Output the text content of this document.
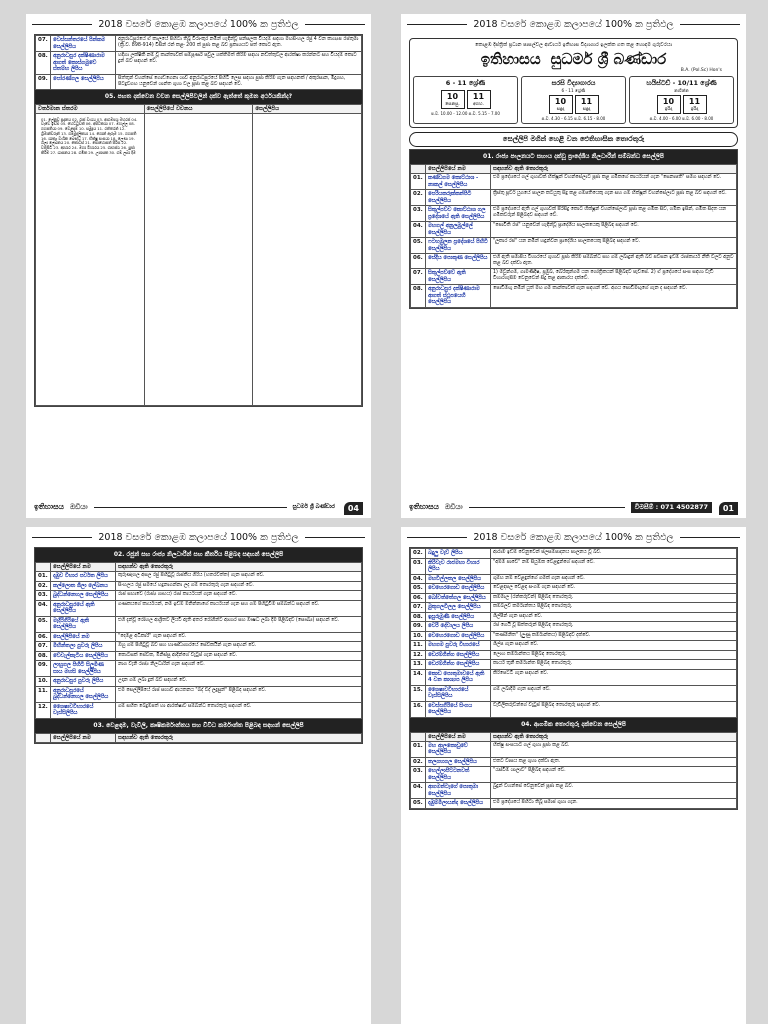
2018 වසරේ කොළඹ කලාපයේ 100% ක ප්‍රතිඵල
07.	වෙස්සන්තරයේ පින්කම සෙල්ලිපිය	අනුරාධපුරයේ ඒ කාලයේ පිහිටා තිබූ විරාංකුර නමින් හැඳින්වූ පන්සලක වියදම් සඳහා මහසිංහල රජු 4 වන කාශ්‍යප රජතුමා (ක්‍රි.ව. 898-914) විසින් රන් කළං 200 ක් පුජා කළ බව ප්‍රකාශයට පත් කොට ඇත.
08.	අනුරාධපුර දක්ෂිණාරාම ආගත් කොස්ගමුවේ ස්තම්භ ලිපිය	හදිගා ලක්ෂිකී නම් වූ කාන්තාවක් සම්පූර්ණ පවුල ශක්තිමත් කිරීම සඳහා නඩත්තුවල ආරක්ෂා කරන්නට සහ වියදම් කොට දුන් බව සඳහන් වේ.
09.	පෝරණ්ගල සෙල්ලිපිය	සිත්තුන් වහන්සේ ගොඩගෙනා ශාව අනුරාධපුරයේ පිහිටි ලෙස සඳහා පුජා කිරීම ගැන සඳහනක් / අකුරසාන, මිදුගහ, පිටදුවගහ යනුවෙන් ශාන්ත ගුහා වල පූජා කළ බව සඳහන් වේ.
05. පහත දක්වෙන වචන සෙල්ලිපිවලින් දක්ව ඇත්තේ කුමන අර්ථයකින්ද?
වර්තමාන ස්තරම	සෙල්ලිපියේ වචනය	සෙල්ලිපිය

01. ලේනුව ප්‍රදානය 02. රාජ වංශය 03. ආගමපය මහරජ 04. වැවේ ඉඩම් 05. හෙට්ටුවක් 06. අපිටකයා 07. මහල්ල 08. ගහපතියා 09. වෙළඳාම් 10. සමුද්‍රය 11. රත්තරන් 12. ශ්‍රීමාන්වරුන් 13. ගම්මුදලිකයා 14. ගොන් ඇරුම 15. ගහපති 16. ශාක්‍ය වංශික බෞද්ධ 17. භික්ෂු සංඝයා 18. ලෙණ 19. ශිලා ලේඛනය 20. කොටස් 21. පොහොසත් පිරිස 22. වතුපිටි 23. ආහාර 24. මහා විහාරය 25. ගෘහස්ථ 26. පුජා කිරීම 27. ශාසනය 28. ගමික 29. උපාසක 30. ගම් ලබා දීම		

ඉතිහාසය ඔඩියා	සුධර්ම ශ්‍රී බණ්ඩාර	04
2018 වසරේ කොළඹ කලාපයේ 100% ක ප්‍රතිඵල
කොළඹ දිස්ත්‍රික් ප්‍රධාන පාසල්වල ආචාර්ය ඉතිහාස විද්‍යාගාර ඉලක්ක ගත කළ හොඳම ගුරුවරයා
ඉතිහාසය සුධර්ම ශ්‍රී බණ්ඩාර
B.A. (Pol.Sc) Hon's
6 - 11 ශ්‍රේණි
10
සෙනසු.
11
අගහ.
ප.ව. 10.00 - 12.00 ප.ව. 5.15 - 7.00
සරසි විද්‍යාගාරය
6 - 11 ශ්‍රේණි
10
සඳුදා
11
සඳුදා
ප.ව. 4.30 - 6.15 ප.ව. 6.15 - 8.00
හයිස්ටඩ් - 10/11 ශ්‍රේණි
නාවින්න
10
ඉරිදා
11
ඉරිදා
ප.ව. 4.00 - 6.00 ප.ව. 6.00 - 8.00
සෙල්ලිපි මගින් හෙළි වන ඓතිහාසික තොරතුරු
01. රාජ්‍ය පාලනයට සහාය දක්වූ ප්‍රාදේශීය නිලධාරීන් සම්බන්ධ සෙල්ලිපි
	සෙල්ලිපියේ නම	සඳහන්ව ඇති තොරතුරු
01.	කණ්ඩගම කොට්ඨාශ - නාකල් සෙල්ලිපිය	එම ප්‍රදේශයේ ගල් ගුහාවක් භික්ෂූන් වහන්සේලාට පූජා කළ ගමිකගේ කාර්යයන් ගැන "සෙනාපති" සමග සඳහන් වේ.
02.	පෙරියකරුක්කන්පිටි සෙල්ලිපිය	ක්‍රිස්තු පූර්ව යුගයේ පාලන කටයුතු සිදු කළ ගම්පතියෙකු ගැන සහ ගම් භික්ෂූන් වහන්සේලාට පූජා කළ බව සඳහන් වේ.
03.	සිතුල්පව්ව කොට්ඨාශ ගල ප්‍රදේශයේ ඇති සෙල්ලිපිය	එම ප්‍රදේශයේ ඇති ගල් ගුහාවක් පිරිසිදු කොට භික්ෂූන් වහන්සේලාට පූජා කළ ගමික සිව, ගමික ඉසින්, ගමික සිදත යන ගමිකවරුන් පිළිබඳව සඳහන් වේ.
04.	මහගල් අනුලමුල්ලේ සෙල්ලිපිය	"පොවිති රජ" යනුවෙන් හැඳින්වූ ප්‍රාදේශීය පාලකයෙකු පිළිබඳ සඳහන් වේ.
05.	ෆටහමුලන ප්‍රදේශයේ පිහිටි සෙල්ලිපිය	"ලූකාර රජ" යන නමින් හඳුන්වන ප්‍රාදේශීය පාලකයෙකු පිළිබඳ සඳහන් වේ.
06.	සේදිය පොකුණ සෙල්ලිපිය	එහි ඇති සමාපිය විහාරයේ ගුහාව පූජා කිරීම සම්බන්ධ සහ ගම් ලබාදුන් ඇති බව පවසන ඉඩම් රාජකාර්ය නීති වලට අනුව කළ බව දක්වා ඇත.
07.	සිතුල්පව්වේ ඇති සෙල්ලිපිය	1) මවුන්ගම, ගාමණිදීෂ, ප්‍රමුඛ, බෙරිකුන්ගම යන ගෝත්‍රිකයන් පිළිබඳව පැවසේ. 2) ඒ ප්‍රදේශයේ සංඝ සඳහා වැඩි විහාරගැසීම වෙනුවෙන් සිදු කළ ආකාරය දක්වේ.
08.	අනුරාධපුර දක්ෂිණාරාම ආගත් ස්ථූපයෙහි සෙල්ලිපිය	පොඩිමඟු නමින් යුත් මහ ගම කාන්තාවක් ගැන සඳහන් වේ. අගය පොඩිමඟුගේ ගැන ද සඳහන් වේ.
ඉතිහාසය ඔඩියා	විමසීම් : 071 4502877	01
2018 වසරේ කොළඹ කලාපයේ 100% ක ප්‍රතිඵල
02. රජුන් සහ රාජ්‍ය නිලධාරීන් සහ කීර්තිය පිළිබඳ සඳහන් සෙල්ලිපි
	සෙල්ලිපියේ නම	සඳහන්ව ඇති තොරතුරු
01.	දඹුව විහාර පර්වත ලිපිය	කුරුණෑගල අසල රජු පිහිටුවූ රාජකීය ගිරිය (හතරවත්ත) ගැන සඳහන් වේ.
02.	කල්ලොත ශිලා ලේඛනය	සිංහලය රජු සමයේ හදුනාගන්නා ලද ගම් තොරතුරු ගැන සඳහන් වේ.
03.	බුද්ධන්නෙහල සෙල්ලිපිය	රාජ සභාවේ (රාජ්‍ය ගෘහය) රාජ කාර්යයන් ගැන සඳහන් වේ.
04.	අනුරාධපුරයේ ඇති සෙල්ලිපිය	ගණකයගේ කාර්යයන්, නම ඉඩම් මනින්නාගේ කාර්යයන් ගැන සහ ගම් පිහිටුවීම සම්බන්ධ සඳහන් වේ.
05.	මැදිරිගිරියේ ඇති සෙල්ලිපිය	එහි දැන්වූ රෝහල ආශ්‍රිතව ලියවී ඇති අතර රෝගීන්ට ආහාර සහ ඖෂධ ලබා දීම පිළිබඳව (සෞඛ්‍ය) සඳහන් වේ.
06.	සෙල්ලිපියේ නම	"දෙමළ අධිකාරී" ගැන සඳහන් වේ.
07.	මිහින්තලා පුවරු ලිපිය	ඔහු ගම් පිහිටුවූ බව සහ භාණ්ඩාගාරයේ සේවකයින් ගැන සඳහන් වේ.
08.	වේවැල්කැටිය සෙල්ලිපිය	කොටසක් සේවක, මිනිස්සු ආදීන්ගේ වැටුප් ගැන සඳහන් වේ.
09.	ලාහුගල පිහිටි සිලුමිණ සාය මහසි සෙල්ලිපිය	නාග වැනි රාජ්‍ය නිලධාරීන් ගැන සඳහන් වේ.
10.	අනුරාධපුර පුවරු ලිපිය	උදාන ගම් ලබා දුන් බව සඳහන් වේ.
11.	අනුරාධපුරයේ බුද්ධන්නෙහල සෙල්ලිපිය	එම සෙල්ලිපියේ රාජ සභාව ආයතනය "බද් වද් ලදුසුන්" පිළිබඳ සඳහන් වේ.
12.	ශෛෂාවවිහාරයේ වැස්සිලිපිය	ගම් සහිත බෙදුම්පත් හා ආරක්ෂාව සම්බන්ධ තොරතුරු සඳහන් වේ.
03. වෙළඳාම, වැවිලි, කෘෂිකර්මාන්තය සහ විවිධ කර්මාන්ත පිළිබඳ සඳහන් සෙල්ලිපි
	සෙල්ලිපියේ නම	සඳහන්ව ඇති තොරතුරු
2018 වසරේ කොළඹ කලාපයේ 100% ක ප්‍රතිඵල
02.	බදුලු වැව් ලිපිය	ආරාම ඉඩම් වෙනුවෙන් ජලසම්පාදනය පාලනය වූ බව.
03.	කිරිවැව රාජමහා විහාර ලිපිය	"අම්ම පාවේ" නම් සියුම්ක වෙළඳුන්ගේ සඳහන් වේ.
04.	මහවිල්ලතල සෙල්ලිපිය	ගුම්භ නම් වෙළඳුන්ගේ ගමක් ගැන සඳහන් වේ.
05.	වෙහෙරගොඩ සෙල්ලිපිය	වෙළඳපල වෙළඳ සංගම් ගැන සඳහන් වේ.
06.	බෝවත්තේගල සෙල්ලිපිය	කම්මාල (රන්කරුවන්) පිළිබඳ තොරතුරු.
07.	මුතුගලවිලල සෙල්ලිපිය	කම්බලව කර්මාන්තය පිළිබඳ තොරතුරු.
08.	ඉසුරුමුණි සෙල්ලිපිය	ශිල්පීන් ගැන සඳහන් වේ.
09.	වෙරි දේවාලය ලිපිය	රජ ගෙයි වූ සිත්තරුන් පිළිබඳ තොරතුරු.
10.	වෙහෙරගොඩ සෙල්ලිපිය	"කණ්මනිත" (ලුණු කර්මාන්තය) පිළිබඳව දක්වේ.
11.	මහගම පුවරු විහාරයේ	ශිල්ප ගැන සඳහන් වේ.
12.	ඩෙරම්ගින්ග සෙල්ලිපිය	ලොහ කර්මාන්තය පිළිබඳ තොරතුරු.
13.	ඩෙරම්ගින්ග සෙල්ලිපිය	කාර්ය තුනී කර්මාන්ත පිළිබඳ තොරතුරු.
14.	කොඩ පොතුමාවයේ ඇති 4 වන කාශ්‍යප ලිපිය	කිරිපෙට්ටි ගැන සඳහන් වේ.
15.	ශෛෂාවවිහාරයේ වැස්සිලිපිය	ගම් ලබාදීම ගැන සඳහන් වේ.
16.	වෙස්සගිරියේ සිංගය සෙල්ලිපිය	වැවිලිකරුවන්ගේ වැටුප් පිළිබඳ තොරතුරු සඳහන් වේ.
04. ආගමික තොරතුරු දක්වෙන සෙල්ලිපි
	සෙල්ලිපියේ නම	සඳහන්ව ඇති තොරතුරු
01.	මහ ආලකොඩුවේ සෙල්ලිපිය	භික්ෂු සංඝයාට ගල් ගුහා පූජා කළ බව.
02.	තලගහගල සෙල්ලිපිය	එකට වාසය කළ ගුහා දක්වා ඇත.
03.	හෙල්ලාපිට්ටනවත් සෙල්ලිපිය	"රැස්වීම් ශාලාව" පිළිබඳ සඳහන් වේ.
04.	ආගමන්ටැගේ පොතුමා සෙල්ලිපිය	බුදුන් වහන්සේ වෙනුවෙන් පූජා කළ බව.
05.	දඹුම්මිලායන්ද සෙල්ලිපිය	එම ප්‍රදේශයේ පිහිටා තිබූ සමාජ ගුහා ගැන.
